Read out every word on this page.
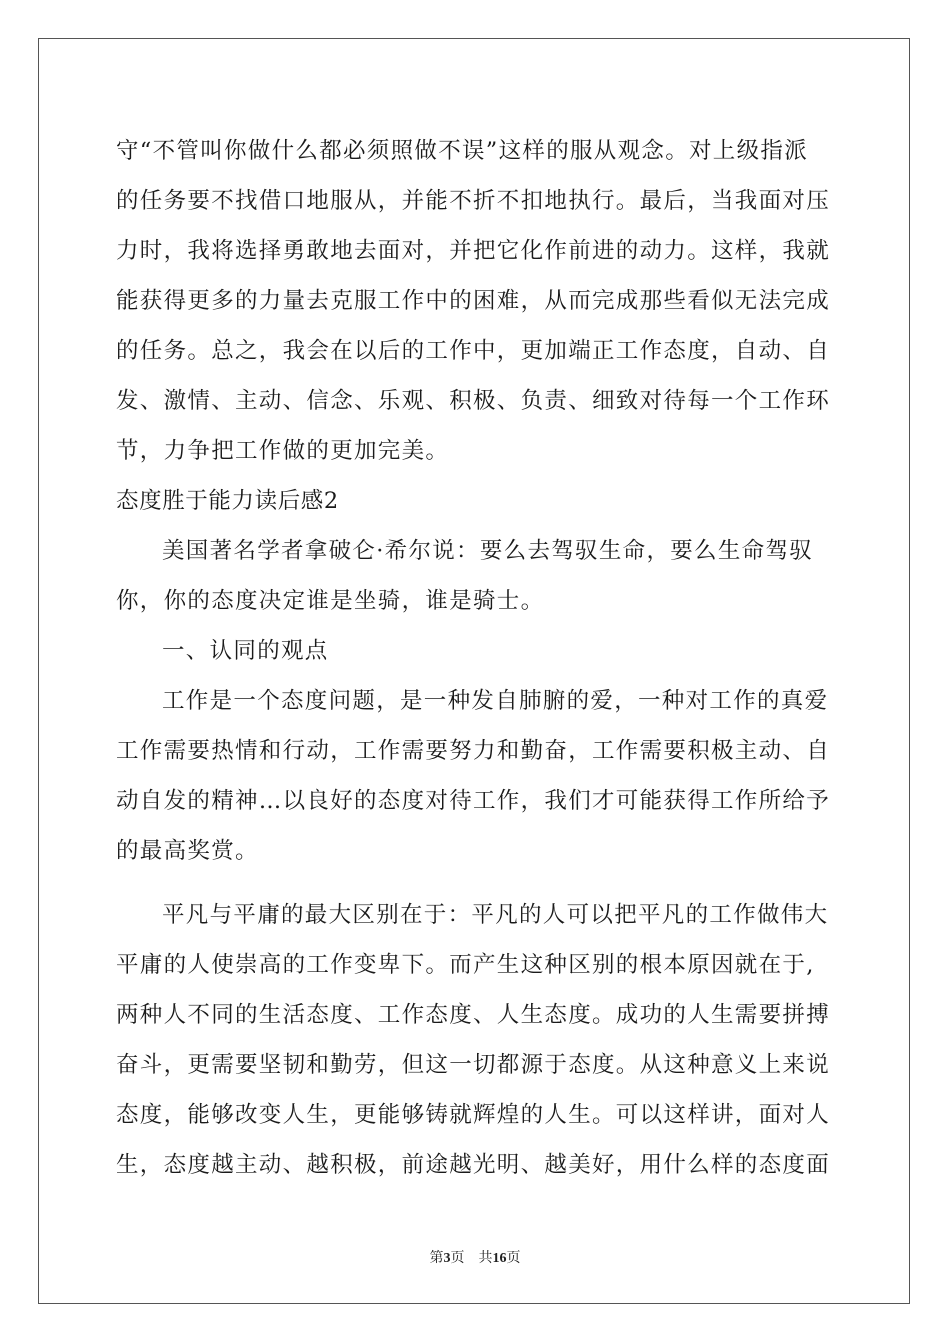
守“不管叫你做什么都必须照做不误”这样的服从观念。对上级指派
的任务要不找借口地服从，并能不折不扣地执行。最后，当我面对压
力时，我将选择勇敢地去面对，并把它化作前进的动力。这样，我就
能获得更多的力量去克服工作中的困难，从而完成那些看似无法完成
的任务。总之，我会在以后的工作中，更加端正工作态度，自动、自
发、激情、主动、信念、乐观、积极、负责、细致对待每一个工作环
节，力争把工作做的更加完美。
态度胜于能力读后感2
美国著名学者拿破仑·希尔说：要么去驾驭生命，要么生命驾驭
你，你的态度决定谁是坐骑，谁是骑士。
一、认同的观点
工作是一个态度问题，是一种发自肺腑的爱，一种对工作的真爱
工作需要热情和行动，工作需要努力和勤奋，工作需要积极主动、自
动自发的精神…以良好的态度对待工作，我们才可能获得工作所给予
的最高奖赏。
平凡与平庸的最大区别在于：平凡的人可以把平凡的工作做伟大
平庸的人使崇高的工作变卑下。而产生这种区别的根本原因就在于,
两种人不同的生活态度、工作态度、人生态度。成功的人生需要拼搏
奋斗，更需要坚韧和勤劳，但这一切都源于态度。从这种意义上来说
态度，能够改变人生，更能够铸就辉煌的人生。可以这样讲，面对人
生，态度越主动、越积极，前途越光明、越美好，用什么样的态度面
第3页　共16页
